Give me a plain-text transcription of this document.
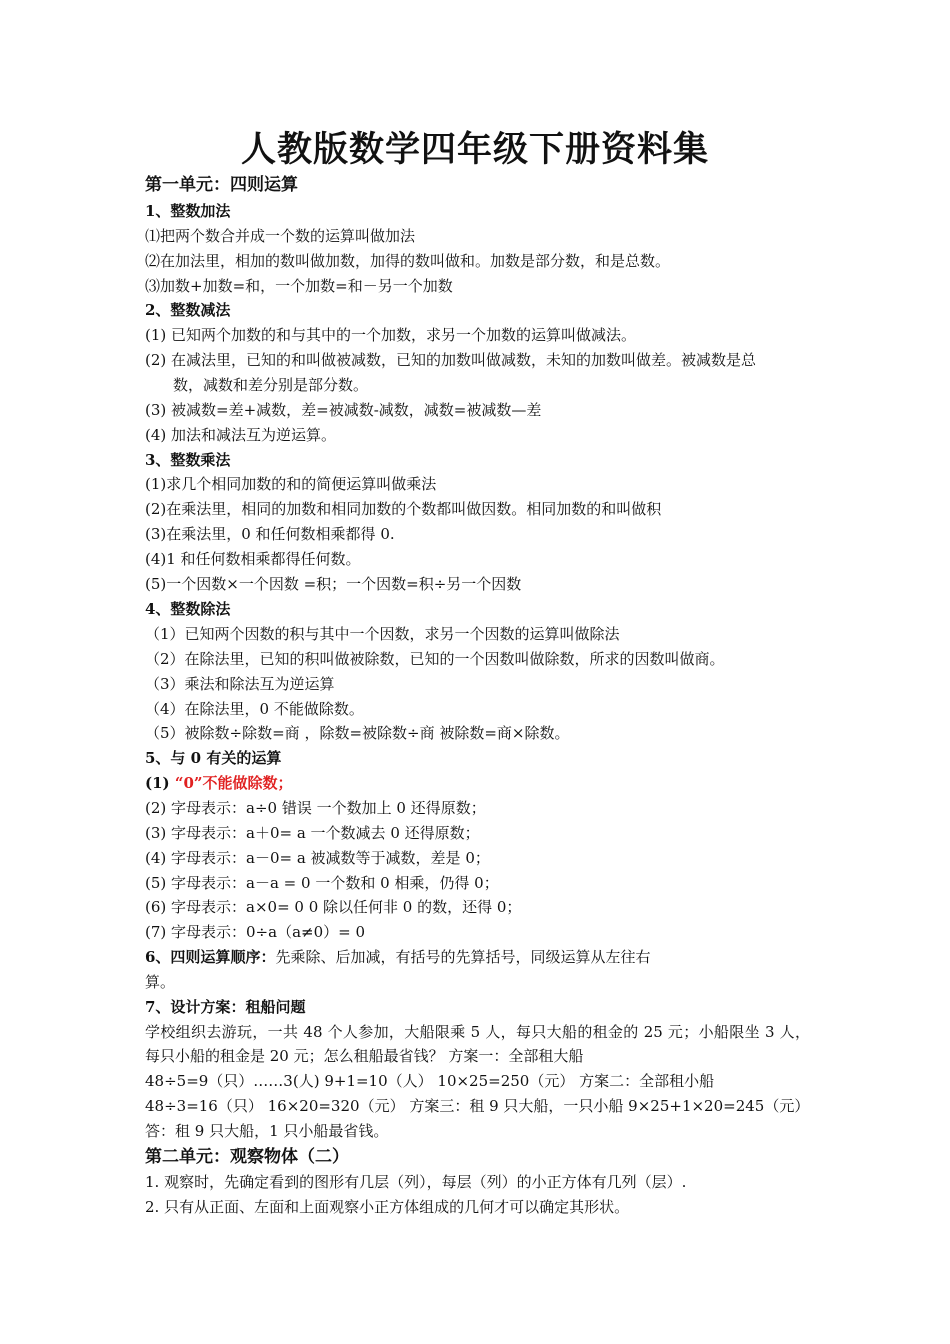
人教版数学四年级下册资料集
第一单元：四则运算
1、整数加法
⑴把两个数合并成一个数的运算叫做加法
⑵在加法里，相加的数叫做加数，加得的数叫做和。加数是部分数，和是总数。
⑶加数+加数=和，一个加数=和－另一个加数
2、整数减法
(1) 已知两个加数的和与其中的一个加数，求另一个加数的运算叫做减法。
(2) 在减法里，已知的和叫做被减数，已知的加数叫做减数，未知的加数叫做差。被减数是总
数，减数和差分别是部分数。
(3) 被减数=差+减数，差=被减数-减数，减数=被减数—差
(4) 加法和减法互为逆运算。
3、整数乘法
(1)求几个相同加数的和的简便运算叫做乘法
(2)在乘法里，相同的加数和相同加数的个数都叫做因数。相同加数的和叫做积
(3)在乘法里，0 和任何数相乘都得 0.
(4)1 和任何数相乘都得任何数。
(5)一个因数×一个因数 =积；一个因数=积÷另一个因数
4、整数除法
（1）已知两个因数的积与其中一个因数，求另一个因数的运算叫做除法
（2）在除法里，已知的积叫做被除数，已知的一个因数叫做除数，所求的因数叫做商。
（3）乘法和除法互为逆运算
（4）在除法里，0 不能做除数。
（5）被除数÷除数=商 ，除数=被除数÷商 被除数=商×除数。
5、与 0 有关的运算
(1) “0”不能做除数；
(2) 字母表示：a÷0 错误 一个数加上 0 还得原数；
(3) 字母表示：a＋0= a 一个数减去 0 还得原数；
(4) 字母表示：a－0= a 被减数等于减数，差是 0；
(5) 字母表示：a－a = 0 一个数和 0 相乘，仍得 0；
(6) 字母表示：a×0= 0 0 除以任何非 0 的数，还得 0；
(7) 字母表示：0÷a（a≠0）= 0
6、四则运算顺序：先乘除、后加减，有括号的先算括号，同级运算从左往右
算。
7、设计方案：租船问题
学校组织去游玩，一共 48 个人参加，大船限乘 5 人，每只大船的租金的 25 元；小船限坐 3 人，
每只小船的租金是 20 元；怎么租船最省钱？ 方案一：全部租大船
48÷5=9（只）……3(人) 9+1=10（人） 10×25=250（元） 方案二：全部租小船
48÷3=16（只） 16×20=320（元） 方案三：租 9 只大船，一只小船 9×25+1×20=245（元）
答：租 9 只大船，1 只小船最省钱。
第二单元：观察物体（二）
1. 观察时，先确定看到的图形有几层（列），每层（列）的小正方体有几列（层）.
2. 只有从正面、左面和上面观察小正方体组成的几何才可以确定其形状。
